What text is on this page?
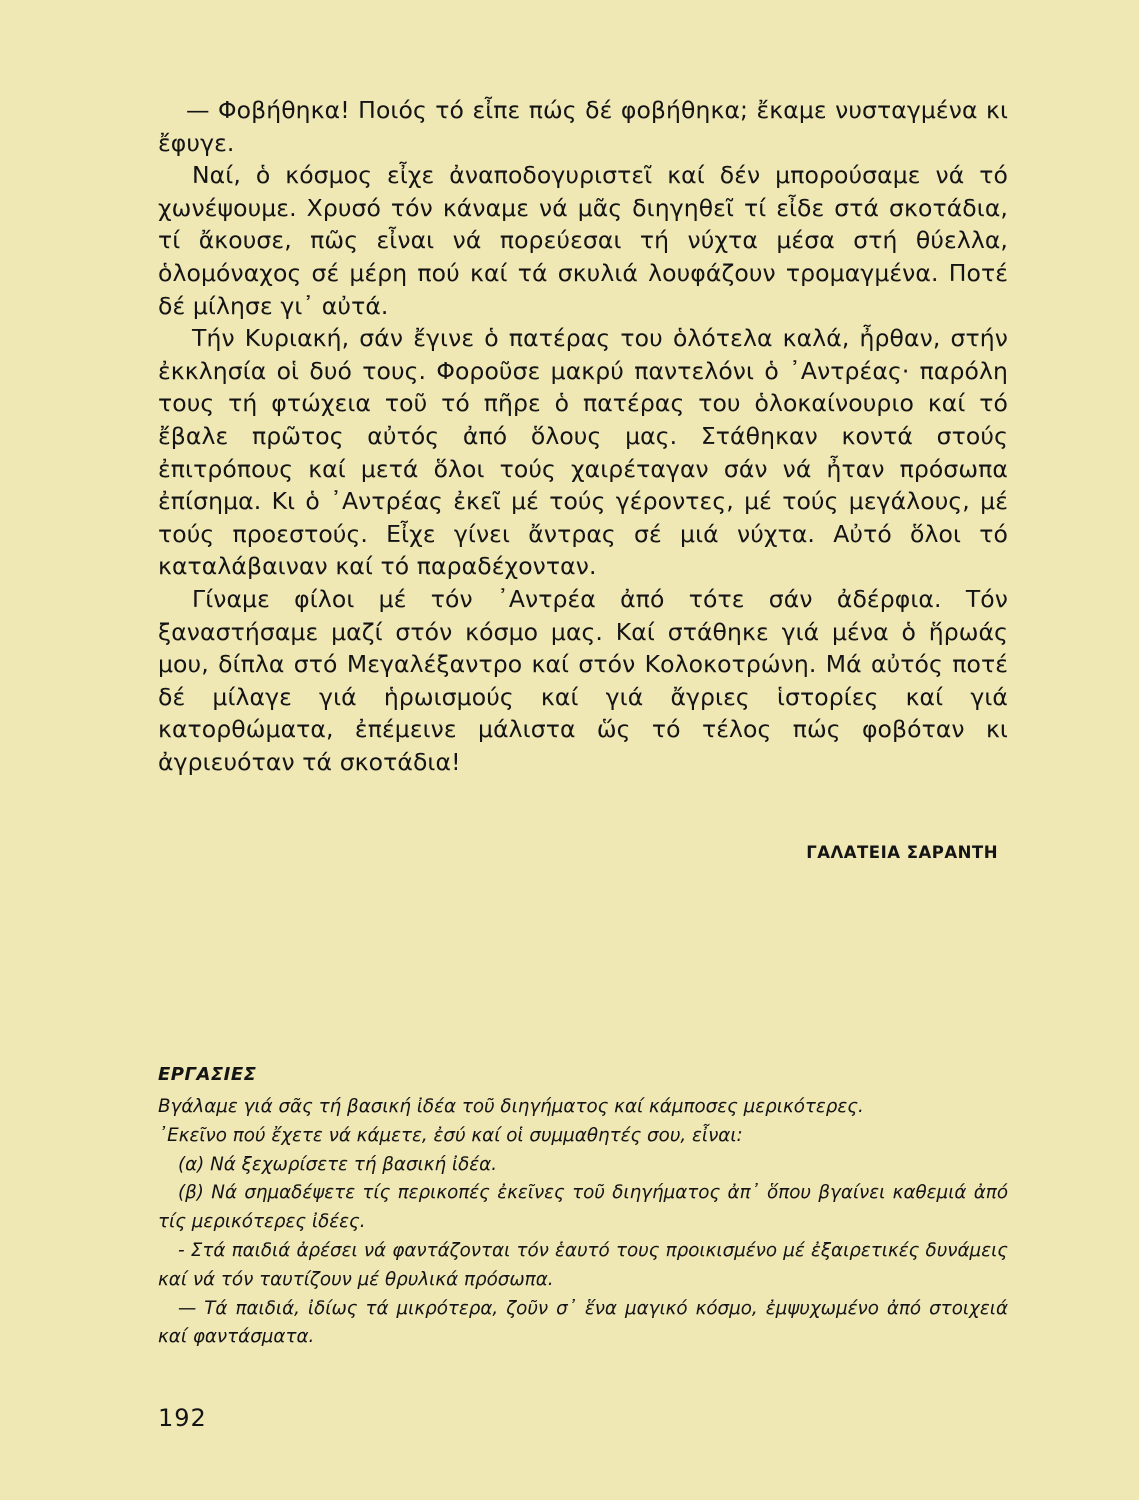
— Φοβήθηκα! Ποιός τό εἶπε πώς δέ φοβήθηκα; ἔκαμε νυσταγμένα κι ἔφυγε.

Ναί, ὁ κόσμος εἶχε ἀναποδογυριστεῖ καί δέν μπορούσαμε νά τό χωνέψουμε. Χρυσό τόν κάναμε νά μᾶς διηγηθεῖ τί εἶδε στά σκοτάδια, τί ἄκουσε, πῶς εἶναι νά πορεύεσαι τή νύχτα μέσα στή θύελλα, ὁλομόναχος σέ μέρη πού καί τά σκυλιά λουφάζουν τρομαγμένα. Ποτέ δέ μίλησε γι᾽ αὐτά.

Τήν Κυριακή, σάν ἔγινε ὁ πατέρας του ὁλότελα καλά, ἦρθαν, στήν ἐκκλησία οἱ δυό τους. Φοροῦσε μακρύ παντελόνι ὁ ᾽Αντρέας· παρόλη τους τή φτώχεια τοῦ τό πῆρε ὁ πατέρας του ὁλοκαίνουριο καί τό ἔβαλε πρῶτος αὐτός ἀπό ὅλους μας. Στάθηκαν κοντά στούς ἐπιτρόπους καί μετά ὅλοι τούς χαιρέταγαν σάν νά ἦταν πρόσωπα ἐπίσημα. Κι ὁ ᾽Αντρέας ἐκεῖ μέ τούς γέροντες, μέ τούς μεγάλους, μέ τούς προεστούς. Εἶχε γίνει ἄντρας σέ μιά νύχτα. Αὐτό ὅλοι τό καταλάβαιναν καί τό παραδέχονταν.

Γίναμε φίλοι μέ τόν ᾽Αντρέα ἀπό τότε σάν ἀδέρφια. Τόν ξαναστήσαμε μαζί στόν κόσμο μας. Καί στάθηκε γιά μένα ὁ ἥρωάς μου, δίπλα στό Μεγαλέξαντρο καί στόν Κολοκοτρώνη. Μά αὐτός ποτέ δέ μίλαγε γιά ἡρωισμούς καί γιά ἄγριες ἱστορίες καί γιά κατορθώματα, ἐπέμεινε μάλιστα ὥς τό τέλος πώς φοβόταν κι ἀγριευόταν τά σκοτάδια!

ΓΑΛΑΤΕΙΑ ΣΑΡΑΝΤΗ
ΕΡΓΑΣΙΕΣ

Βγάλαμε γιά σᾶς τή βασική ἰδέα τοῦ διηγήματος καί κάμποσες μερικότερες.

᾽Εκεῖνο πού ἔχετε νά κάμετε, ἐσύ καί οἱ συμμαθητές σου, εἶναι:

(α) Νά ξεχωρίσετε τή βασική ἰδέα.

(β) Νά σημαδέψετε τίς περικοπές ἐκεῖνες τοῦ διηγήματος ἀπ᾽ ὅπου βγαίνει καθεμιά ἀπό τίς μερικότερες ἰδέες.

- Στά παιδιά ἀρέσει νά φαντάζονται τόν ἑαυτό τους προικισμένο μέ ἐξαιρετικές δυνάμεις καί νά τόν ταυτίζουν μέ θρυλικά πρόσωπα.

— Τά παιδιά, ἰδίως τά μικρότερα, ζοῦν σ᾽ ἕνα μαγικό κόσμο, ἐμψυχωμένο ἀπό στοιχειά καί φαντάσματα.

192
